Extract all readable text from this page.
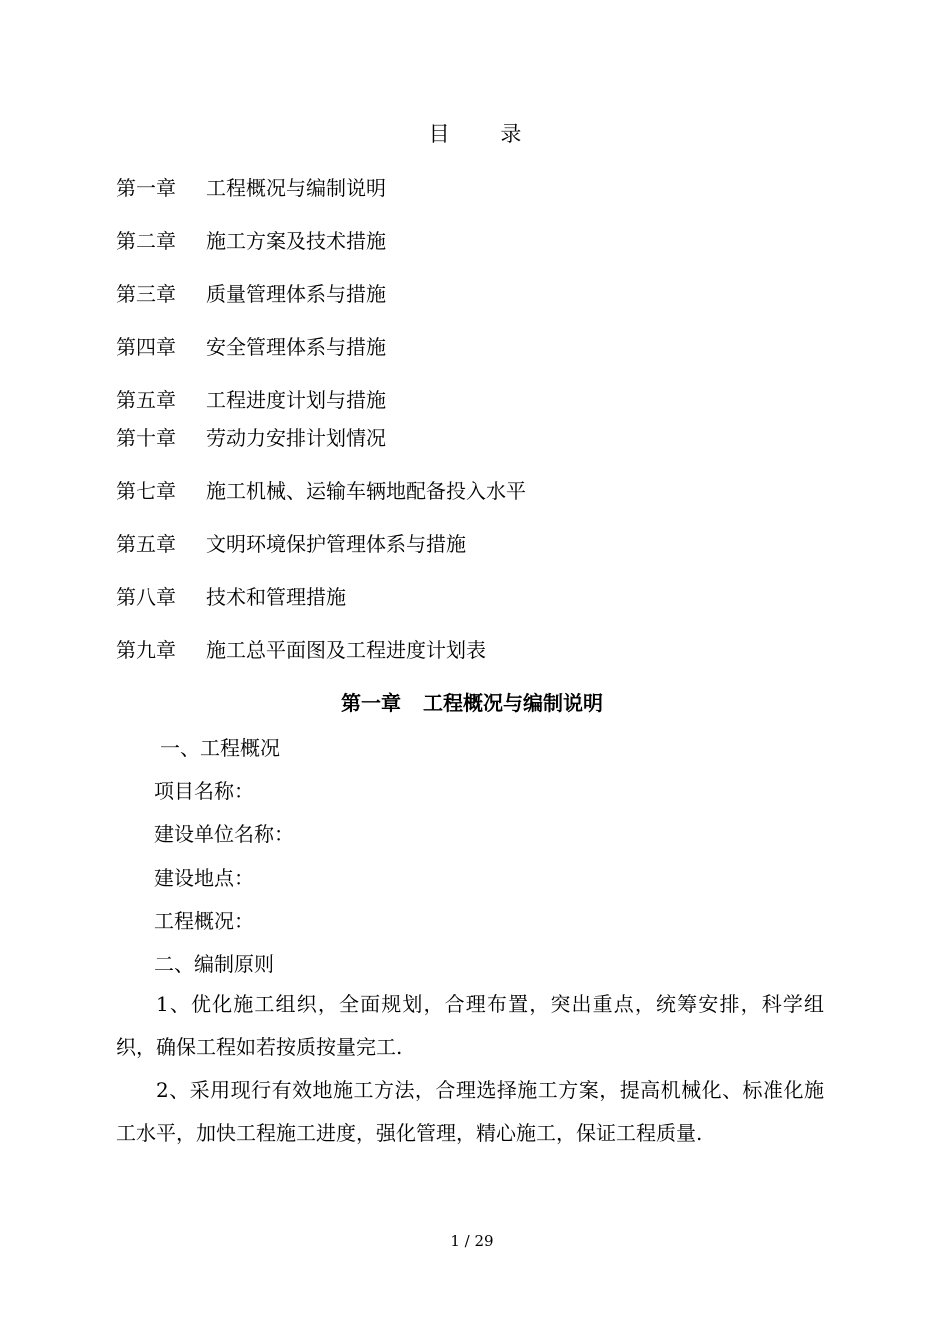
目 录
第一章 工程概况与编制说明
第二章 施工方案及技术措施
第三章 质量管理体系与措施
第四章 安全管理体系与措施
第五章 工程进度计划与措施
第十章 劳动力安排计划情况
第七章 施工机械、运输车辆地配备投入水平
第五章 文明环境保护管理体系与措施
第八章 技术和管理措施
第九章 施工总平面图及工程进度计划表
第一章 工程概况与编制说明
一、工程概况
项目名称：
建设单位名称：
建设地点：
工程概况：
二、编制原则
1、优化施工组织，全面规划，合理布置，突出重点，统筹安排，科学组织，确保工程如若按质按量完工.
2、采用现行有效地施工方法，合理选择施工方案，提高机械化、标准化施工水平，加快工程施工进度，强化管理，精心施工，保证工程质量.
1 / 29
